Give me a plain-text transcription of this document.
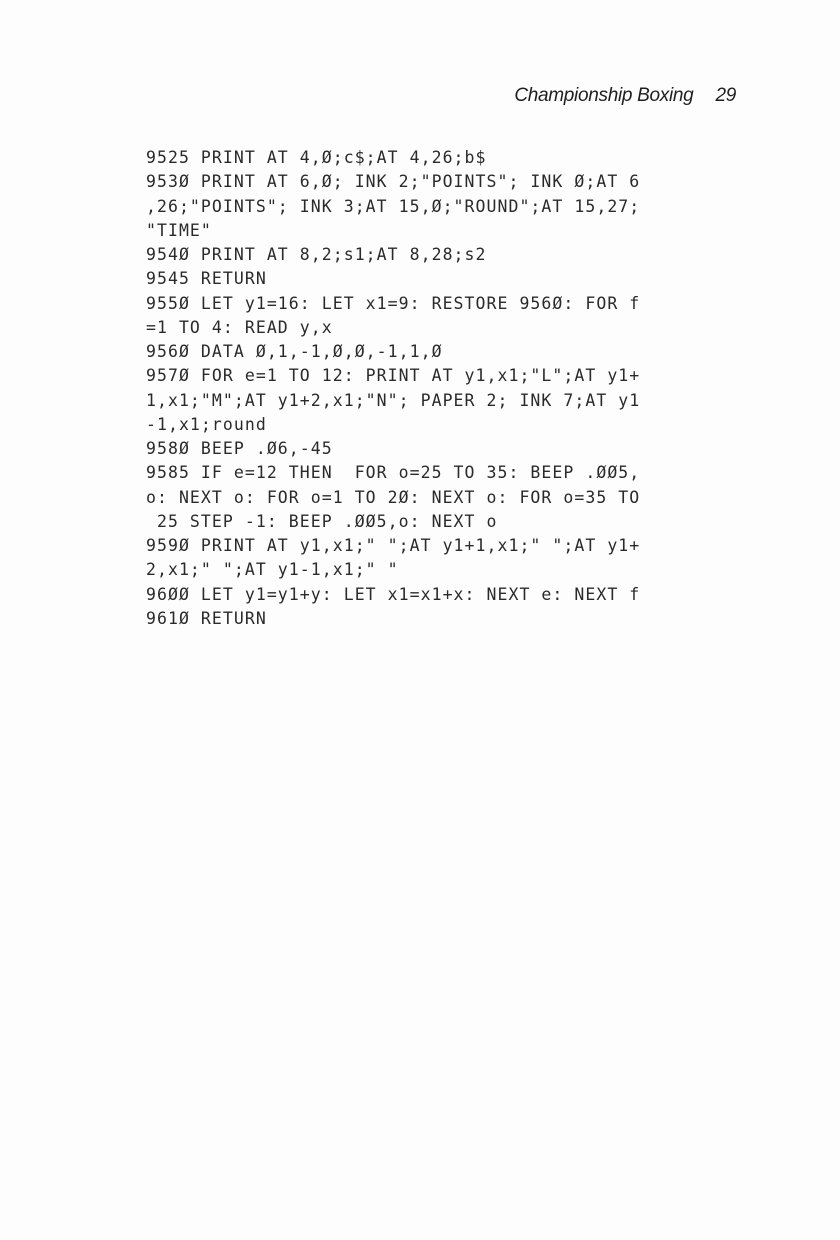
Championship Boxing 29
9525 PRINT AT 4,Ø;c$;AT 4,26;b$
953Ø PRINT AT 6,Ø; INK 2;"POINTS"; INK Ø;AT 6
,26;"POINTS"; INK 3;AT 15,Ø;"ROUND";AT 15,27;
"TIME"
954Ø PRINT AT 8,2;s1;AT 8,28;s2
9545 RETURN
955Ø LET y1=16: LET x1=9: RESTORE 956Ø: FOR f
=1 TO 4: READ y,x
956Ø DATA Ø,1,-1,Ø,Ø,-1,1,Ø
957Ø FOR e=1 TO 12: PRINT AT y1,x1;"L";AT y1+
1,x1;"M";AT y1+2,x1;"N"; PAPER 2; INK 7;AT y1
-1,x1;round
958Ø BEEP .Ø6,-45
9585 IF e=12 THEN  FOR o=25 TO 35: BEEP .ØØ5,
o: NEXT o: FOR o=1 TO 2Ø: NEXT o: FOR o=35 TO
25 STEP -1: BEEP .ØØ5,o: NEXT o
959Ø PRINT AT y1,x1;" ";AT y1+1,x1;" ";AT y1+
2,x1;" ";AT y1-1,x1;" "
96ØØ LET y1=y1+y: LET x1=x1+x: NEXT e: NEXT f
961Ø RETURN
